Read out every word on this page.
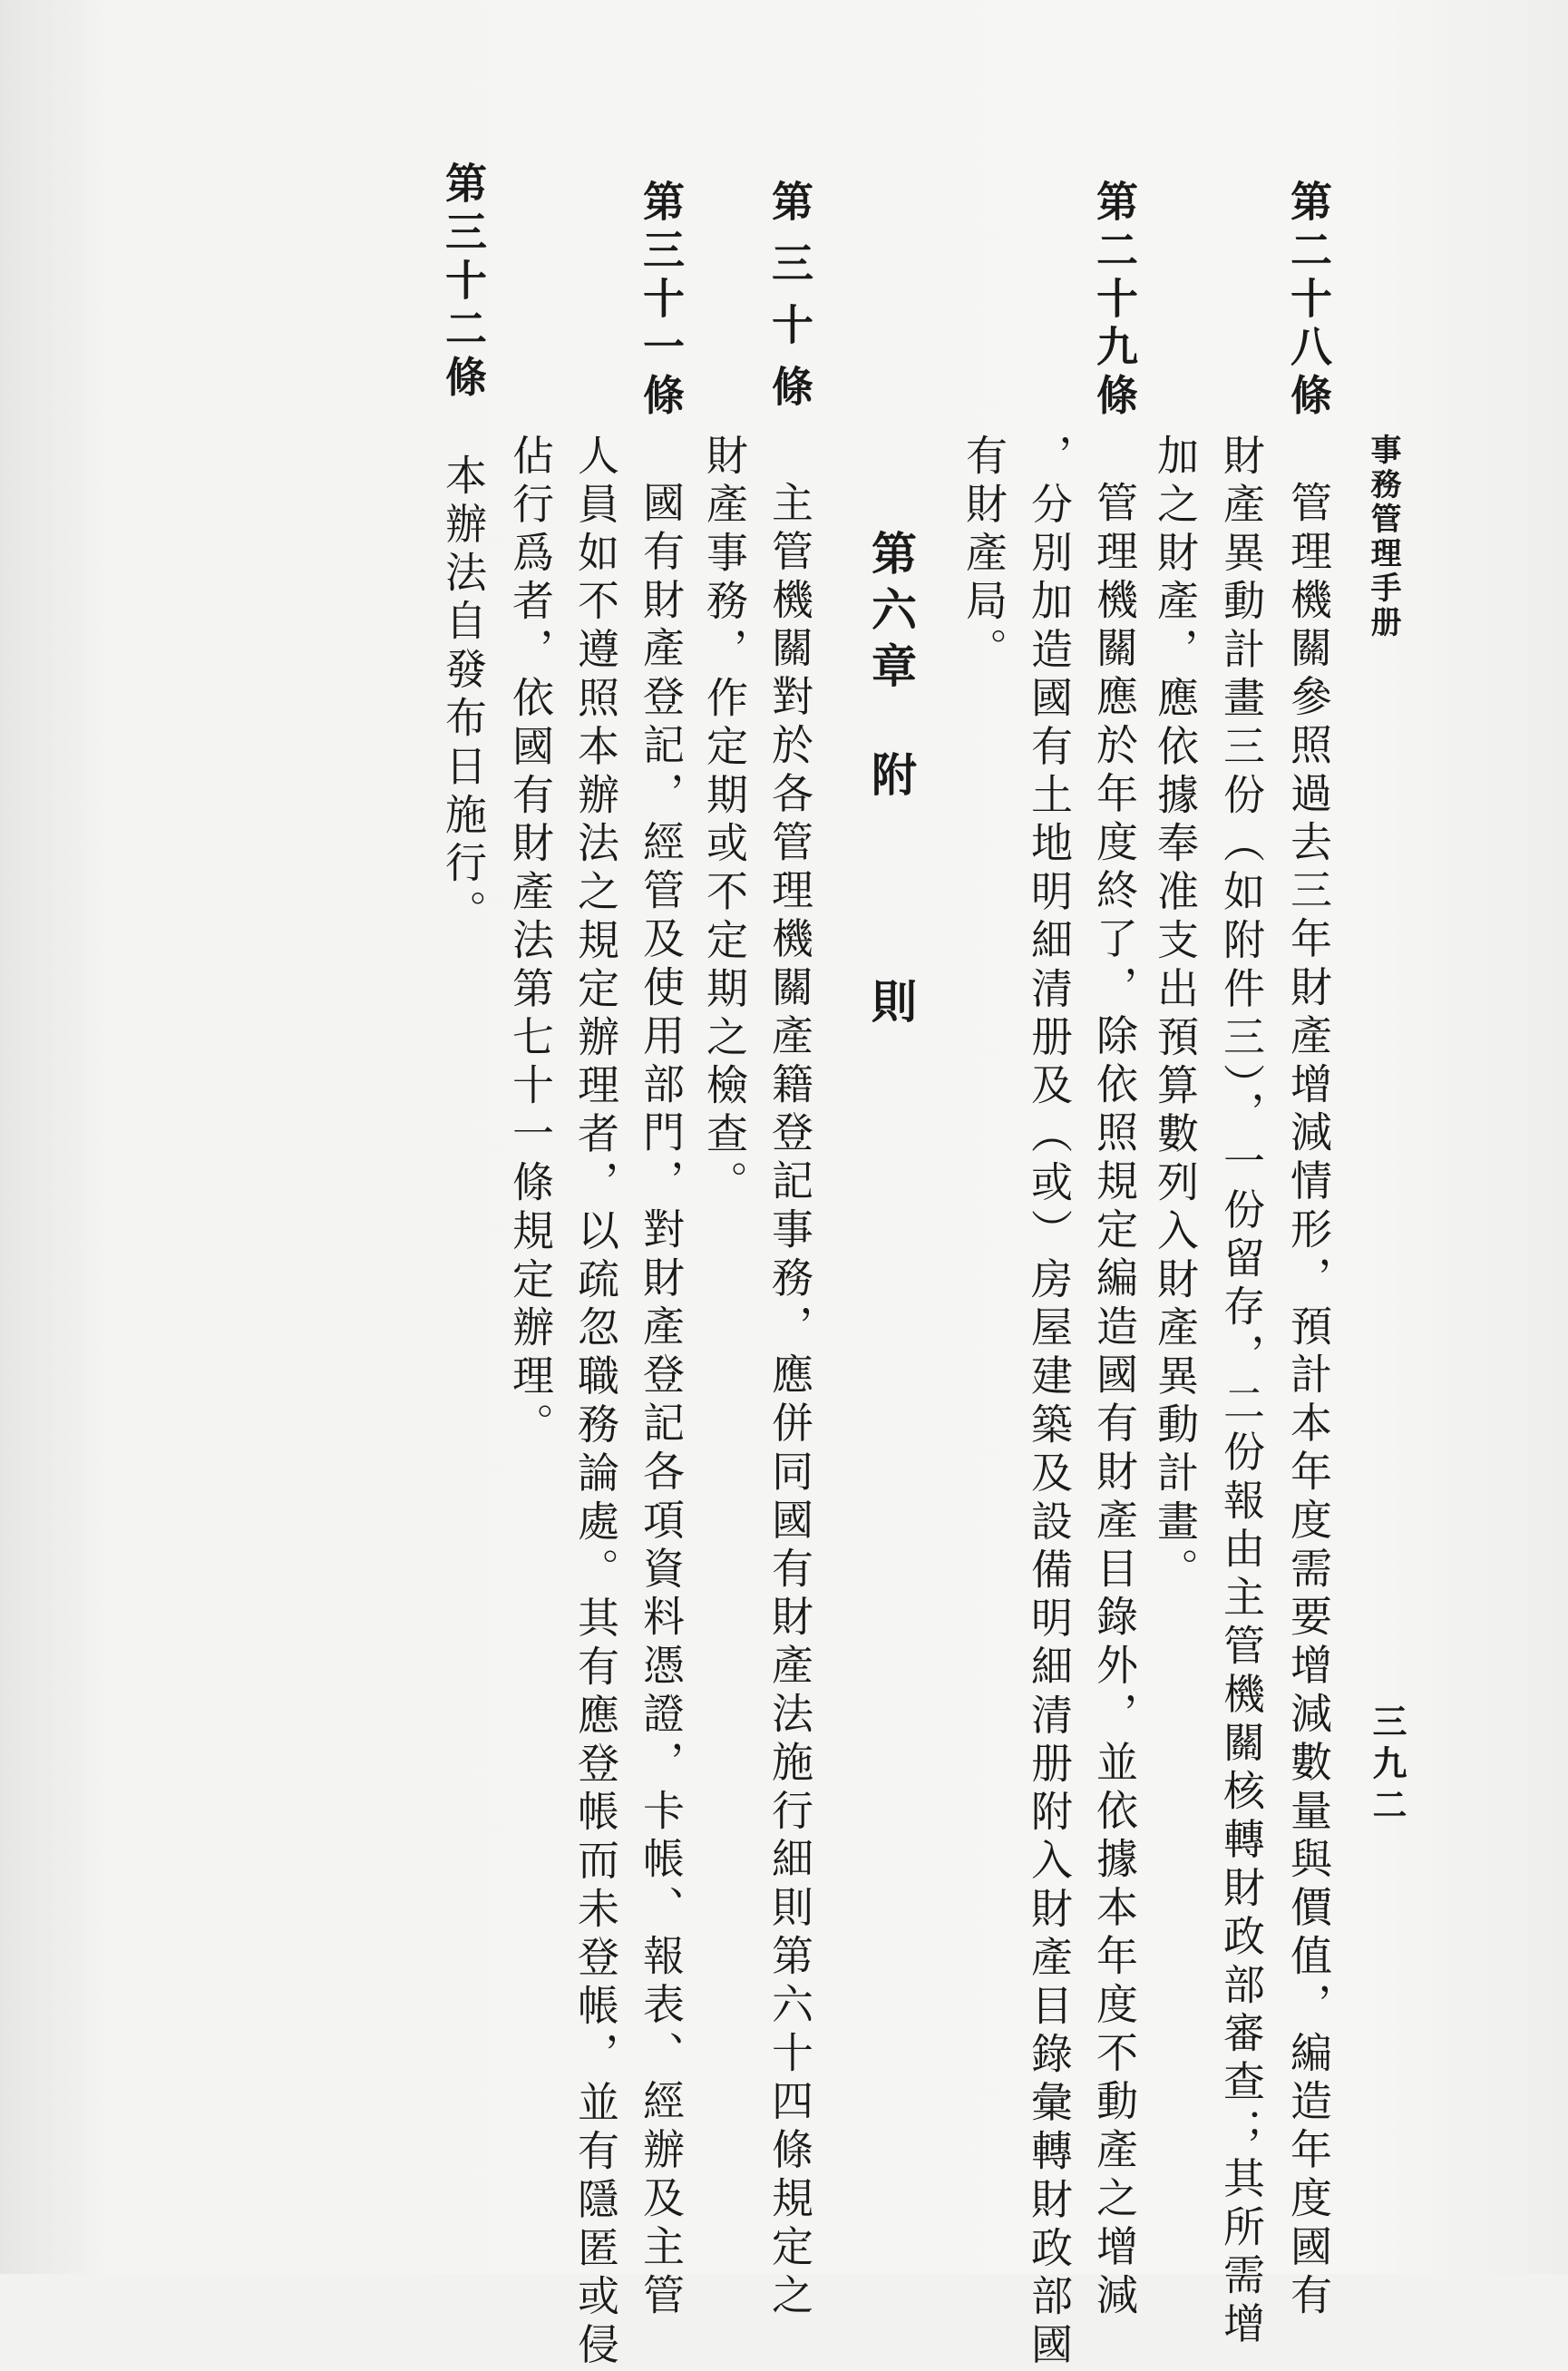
事務管理手册
三九二
第二十八條
管理機關參照過去三年財產增減情形，預計本年度需要增減數量與價值，編造年度國有
財產異動計畫三份（如附件三），一份留存，二份報由主管機關核轉財政部審查；其所需增
加之財產，應依據奉准支出預算數列入財產異動計畫。
第二十九條
管理機關應於年度終了，除依照規定編造國有財產目錄外，並依據本年度不動產之增減
，分別加造國有土地明細清册及（或）房屋建築及設備明細清册附入財產目錄彙轉財政部國
有財產局。
第六章
附
則
第三十條
主管機關對於各管理機關產籍登記事務，應併同國有財產法施行細則第六十四條規定之
財產事務，作定期或不定期之檢查。
第三十一條
國有財產登記，經管及使用部門，對財產登記各項資料憑證，卡帳、報表、經辦及主管
人員如不遵照本辦法之規定辦理者，以疏忽職務論處。其有應登帳而未登帳，並有隱匿或侵
佔行爲者，依國有財產法第七十一條規定辦理。
第三十二條
本辦法自發布日施行。
